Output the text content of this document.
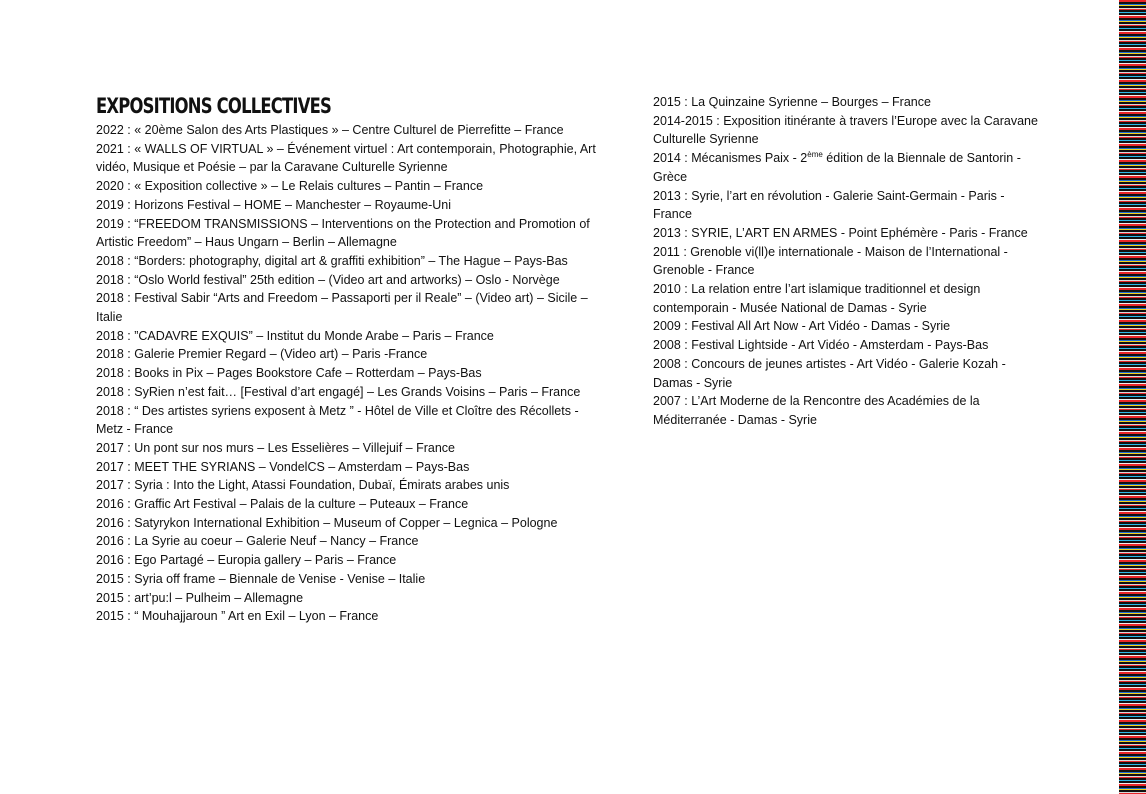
EXPOSITIONS COLLECTIVES

2022 : « 20ème Salon des Arts Plastiques » – Centre Culturel de Pierrefitte – France

2021 : « WALLS OF VIRTUAL » – Événement virtuel : Art contemporain, Photographie, Art vidéo, Musique et Poésie – par la Caravane Culturelle Syrienne

2020 : « Exposition collective » – Le Relais cultures – Pantin – France

2019 : Horizons Festival – HOME – Manchester – Royaume-Uni

2019 : “FREEDOM TRANSMISSIONS – Interventions on the Protection and Promotion of Artistic Freedom” – Haus Ungarn – Berlin – Allemagne

2018 : “Borders: photography, digital art & graffiti exhibition” – The Hague – Pays-Bas

2018 : “Oslo World festival” 25th edition – (Video art and artworks) – Oslo - Norvège

2018 : Festival Sabir “Arts and Freedom – Passaporti per il Reale” – (Video art) – Sicile – Italie

2018 : ”CADAVRE EXQUIS” – Institut du Monde Arabe – Paris – France

2018 : Galerie Premier Regard – (Video art) – Paris -France

2018 : Books in Pix – Pages Bookstore Cafe – Rotterdam – Pays-Bas

2018 : SyRien n’est fait… [Festival d’art engagé] – Les Grands Voisins – Paris – France

2018 : “ Des artistes syriens exposent à Metz ” - Hôtel de Ville et Cloître des Récollets - Metz - France

2017 : Un pont sur nos murs – Les Esselières – Villejuif – France

2017 : MEET THE SYRIANS – VondelCS – Amsterdam – Pays-Bas

2017 : Syria : Into the Light, Atassi Foundation, Dubaï, Émirats arabes unis

2016 : Graffic Art Festival – Palais de la culture – Puteaux – France

2016 : Satyrykon International Exhibition – Museum of Copper – Legnica – Pologne

2016 : La Syrie au coeur – Galerie Neuf – Nancy – France

2016 : Ego Partagé – Europia gallery – Paris – France

2015 : Syria off frame – Biennale de Venise - Venise – Italie

2015 : art’pu:l – Pulheim – Allemagne

2015 : “ Mouhajjaroun ” Art en Exil – Lyon – France

2015 : La Quinzaine Syrienne – Bourges – France

2014-2015 : Exposition itinérante à travers l’Europe avec la Caravane Culturelle Syrienne

2014 : Mécanismes Paix - 2ème édition de la Biennale de Santorin - Grèce

2013 : Syrie, l’art en révolution - Galerie Saint-Germain - Paris - France

2013 : SYRIE, L’ART EN ARMES - Point Ephémère - Paris - France

2011 : Grenoble vi(ll)e internationale - Maison de l’International - Grenoble - France

2010 : La relation entre l’art islamique traditionnel et design contemporain - Musée National de Damas - Syrie

2009 : Festival All Art Now - Art Vidéo - Damas - Syrie

2008 : Festival Lightside - Art Vidéo - Amsterdam - Pays-Bas

2008 : Concours de jeunes artistes - Art Vidéo - Galerie Kozah - Damas - Syrie

2007 : L’Art Moderne de la Rencontre des Académies de la Méditerranée - Damas - Syrie
